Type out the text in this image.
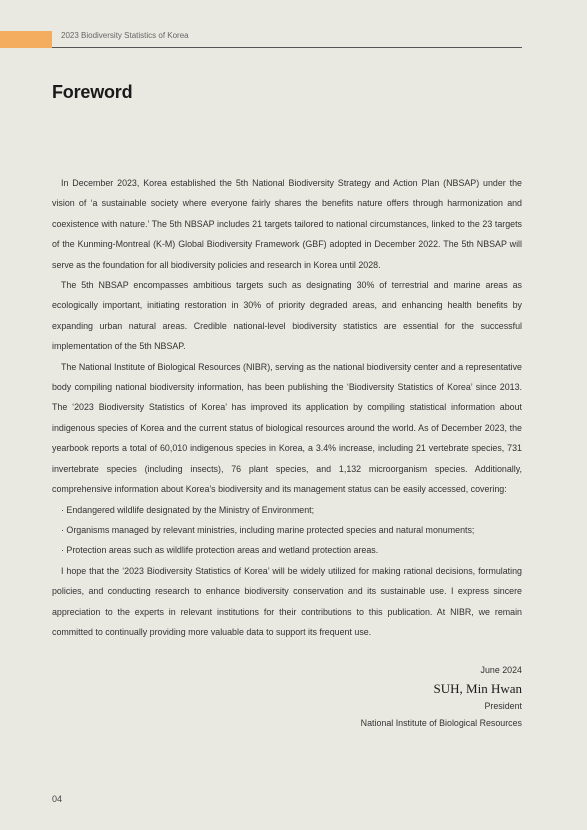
2023 Biodiversity Statistics of Korea
Foreword

In December 2023, Korea established the 5th National Biodiversity Strategy and Action Plan (NBSAP) under the vision of ‘a sustainable society where everyone fairly shares the benefits nature offers through harmonization and coexistence with nature.’ The 5th NBSAP includes 21 targets tailored to national circumstances, linked to the 23 targets of the Kunming-Montreal (K-M) Global Biodiversity Framework (GBF) adopted in December 2022. The 5th NBSAP will serve as the foundation for all biodiversity policies and research in Korea until 2028.

The 5th NBSAP encompasses ambitious targets such as designating 30% of terrestrial and marine areas as ecologically important, initiating restoration in 30% of priority degraded areas, and enhancing health benefits by expanding urban natural areas. Credible national-level biodiversity statistics are essential for the successful implementation of the 5th NBSAP.

The National Institute of Biological Resources (NIBR), serving as the national biodiversity center and a representative body compiling national biodiversity information, has been publishing the ‘Biodiversity Statistics of Korea’ since 2013. The ‘2023 Biodiversity Statistics of Korea’ has improved its application by compiling statistical information about indigenous species of Korea and the current status of biological resources around the world. As of December 2023, the yearbook reports a total of 60,010 indigenous species in Korea, a 3.4% increase, including 21 vertebrate species, 731 invertebrate species (including insects), 76 plant species, and 1,132 microorganism species. Additionally, comprehensive information about Korea’s biodiversity and its management status can be easily accessed, covering:

· Endangered wildlife designated by the Ministry of Environment;
· Organisms managed by relevant ministries, including marine protected species and natural monuments;
· Protection areas such as wildlife protection areas and wetland protection areas.

I hope that the ‘2023 Biodiversity Statistics of Korea’ will be widely utilized for making rational decisions, formulating policies, and conducting research to enhance biodiversity conservation and its sustainable use. I express sincere appreciation to the experts in relevant institutions for their contributions to this publication. At NIBR, we remain committed to continually providing more valuable data to support its frequent use.

June 2024
SUH, Min Hwan
President
National Institute of Biological Resources
04
